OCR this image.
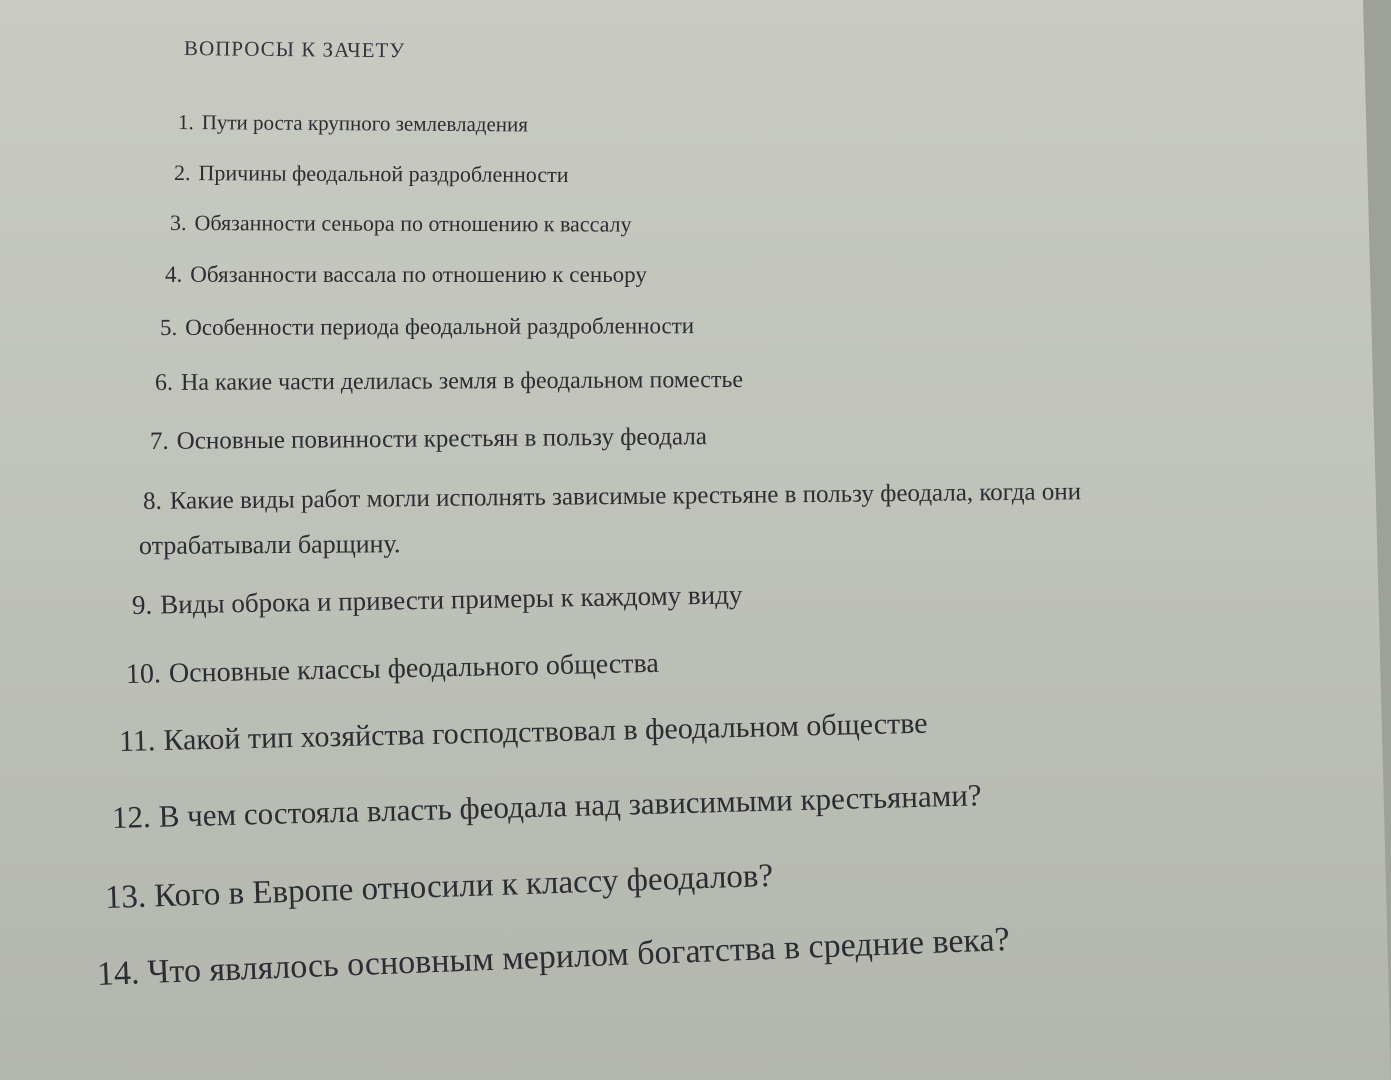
ВОПРОСЫ К ЗАЧЕТУ
1. Пути роста крупного землевладения
2. Причины феодальной раздробленности
3. Обязанности сеньора по отношению к вассалу
4. Обязанности вассала по отношению к сеньору
5. Особенности периода феодальной раздробленности
6. На какие части делилась земля в феодальном поместье
7. Основные повинности крестьян в пользу феодала
8. Какие виды работ могли исполнять зависимые крестьяне в пользу феодала, когда они
отрабатывали барщину.
9. Виды оброка и привести примеры к каждому виду
10. Основные классы феодального общества
11. Какой тип хозяйства господствовал в феодальном обществе
12. В чем состояла власть феодала над зависимыми крестьянами?
13. Кого в Европе относили к классу феодалов?
14. Что являлось основным мерилом богатства в средние века?
